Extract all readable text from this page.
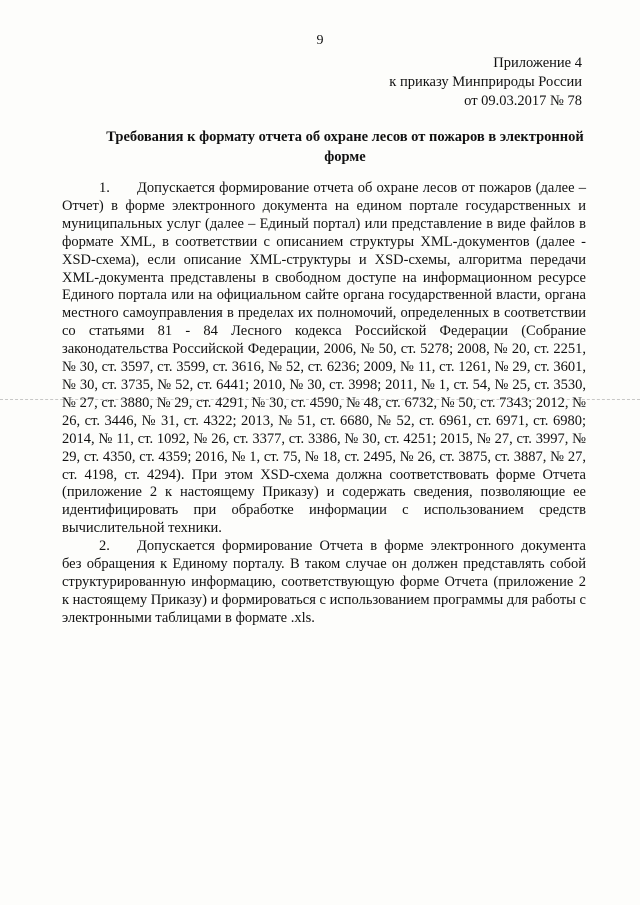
9
Приложение 4
к приказу Минприроды России
от 09.03.2017 № 78
Требования к формату отчета об охране лесов от пожаров в электронной форме

1. Допускается формирование отчета об охране лесов от пожаров (далее – Отчет) в форме электронного документа на едином портале государственных и муниципальных услуг (далее – Единый портал) или представление в виде файлов в формате XML, в соответствии с описанием структуры XML-документов (далее - XSD-схема), если описание XML-структуры и XSD-схемы, алгоритма передачи XML-документа представлены в свободном доступе на информационном ресурсе Единого портала или на официальном сайте органа государственной власти, органа местного самоуправления в пределах их полномочий, определенных в соответствии со статьями 81 - 84 Лесного кодекса Российской Федерации (Собрание законодательства Российской Федерации, 2006, № 50, ст. 5278; 2008, № 20, ст. 2251, № 30, ст. 3597, ст. 3599, ст. 3616, № 52, ст. 6236; 2009, № 11, ст. 1261, № 29, ст. 3601, № 30, ст. 3735, № 52, ст. 6441; 2010, № 30, ст. 3998; 2011, № 1, ст. 54, № 25, ст. 3530, № 27, ст. 3880, № 29, ст. 4291, № 30, ст. 4590, № 48, ст. 6732, № 50, ст. 7343; 2012, № 26, ст. 3446, № 31, ст. 4322; 2013, № 51, ст. 6680, № 52, ст. 6961, ст. 6971, ст. 6980; 2014, № 11, ст. 1092, № 26, ст. 3377, ст. 3386, № 30, ст. 4251; 2015, № 27, ст. 3997, № 29, ст. 4350, ст. 4359; 2016, № 1, ст. 75, № 18, ст. 2495, № 26, ст. 3875, ст. 3887, № 27, ст. 4198, ст. 4294). При этом XSD-схема должна соответствовать форме Отчета (приложение 2 к настоящему Приказу) и содержать сведения, позволяющие ее идентифицировать при обработке информации с использованием средств вычислительной техники.

2. Допускается формирование Отчета в форме электронного документа без обращения к Единому порталу. В таком случае он должен представлять собой структурированную информацию, соответствующую форме Отчета (приложение 2 к настоящему Приказу) и формироваться с использованием программы для работы с электронными таблицами в формате .xls.
